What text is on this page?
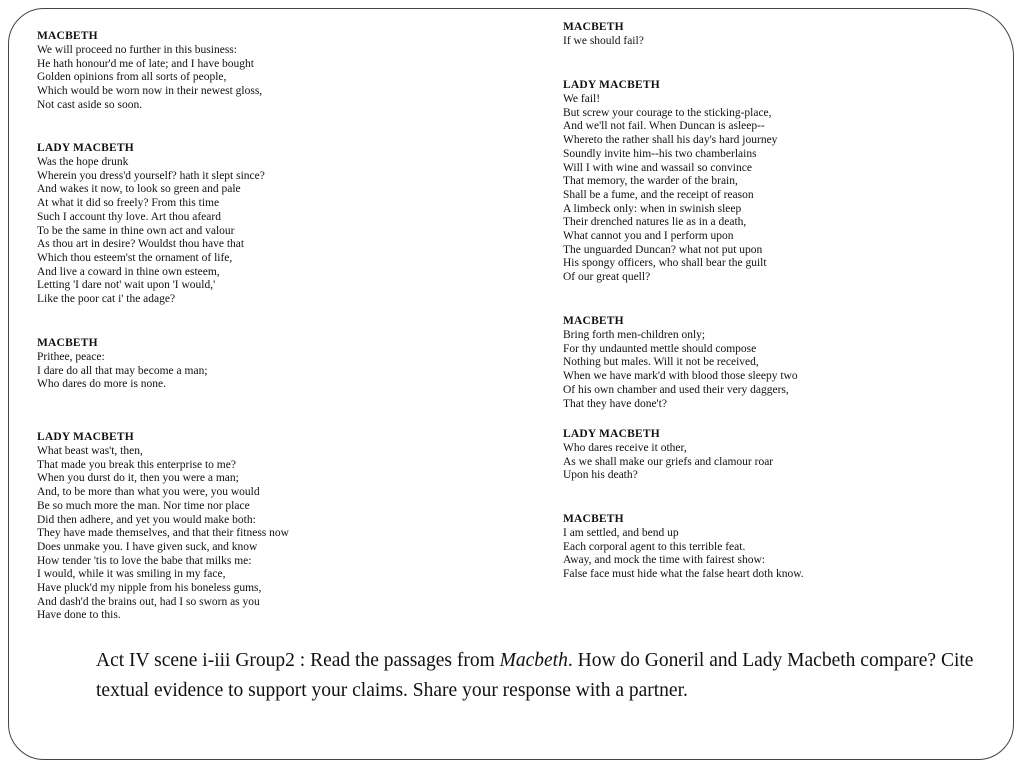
MACBETH
We will proceed no further in this business:
He hath honour'd me of late; and I have bought
Golden opinions from all sorts of people,
Which would be worn now in their newest gloss,
Not cast aside so soon.
LADY MACBETH
Was the hope drunk
Wherein you dress'd yourself? hath it slept since?
And wakes it now, to look so green and pale
At what it did so freely? From this time
Such I account thy love. Art thou afeard
To be the same in thine own act and valour
As thou art in desire? Wouldst thou have that
Which thou esteem'st the ornament of life,
And live a coward in thine own esteem,
Letting 'I dare not' wait upon 'I would,'
Like the poor cat i' the adage?
MACBETH
Prithee, peace:
I dare do all that may become a man;
Who dares do more is none.
LADY MACBETH
What beast was't, then,
That made you break this enterprise to me?
When you durst do it, then you were a man;
And, to be more than what you were, you would
Be so much more the man. Nor time nor place
Did then adhere, and yet you would make both:
They have made themselves, and that their fitness now
Does unmake you. I have given suck, and know
How tender 'tis to love the babe that milks me:
I would, while it was smiling in my face,
Have pluck'd my nipple from his boneless gums,
And dash'd the brains out, had I so sworn as you
Have done to this.
MACBETH
If we should fail?
LADY MACBETH
We fail!
But screw your courage to the sticking-place,
And we'll not fail. When Duncan is asleep--
Whereto the rather shall his day's hard journey
Soundly invite him--his two chamberlains
Will I with wine and wassail so convince
That memory, the warder of the brain,
Shall be a fume, and the receipt of reason
A limbeck only: when in swinish sleep
Their drenched natures lie as in a death,
What cannot you and I perform upon
The unguarded Duncan? what not put upon
His spongy officers, who shall bear the guilt
Of our great quell?
MACBETH
Bring forth men-children only;
For thy undaunted mettle should compose
Nothing but males. Will it not be received,
When we have mark'd with blood those sleepy two
Of his own chamber and used their very daggers,
That they have done't?
LADY MACBETH
Who dares receive it other,
As we shall make our griefs and clamour roar
Upon his death?
MACBETH
I am settled, and bend up
Each corporal agent to this terrible feat.
Away, and mock the time with fairest show:
False face must hide what the false heart doth know.
Act IV scene i-iii Group2 : Read the passages from Macbeth. How do Goneril and Lady Macbeth compare? Cite textual evidence to support your claims. Share your response with a partner.
